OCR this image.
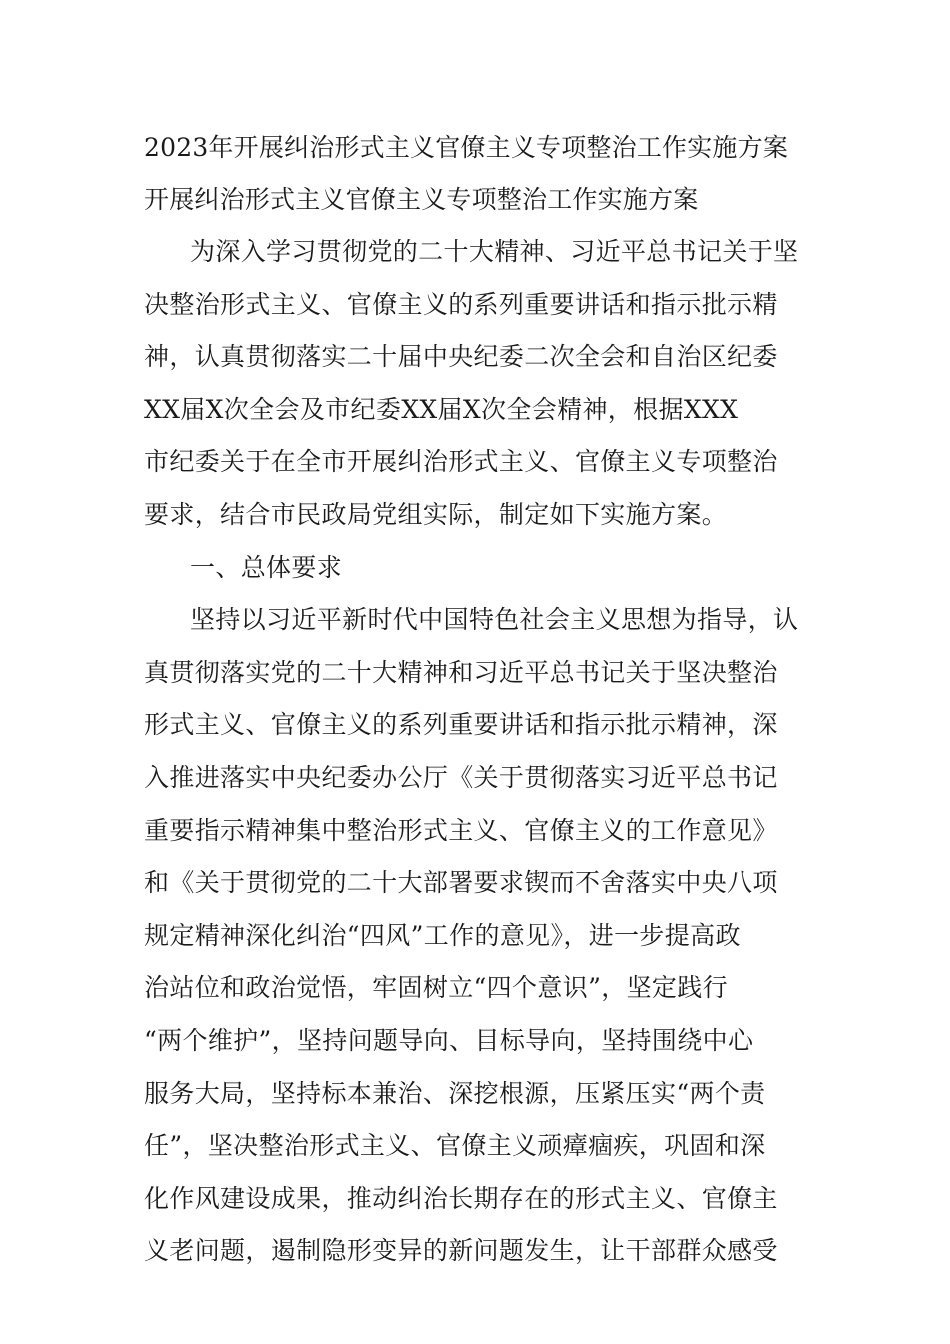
2023年开展纠治形式主义官僚主义专项整治工作实施方案
开展纠治形式主义官僚主义专项整治工作实施方案
为深入学习贯彻党的二十大精神、习近平总书记关于坚
决整治形式主义、官僚主义的系列重要讲话和指示批示精
神，认真贯彻落实二十届中央纪委二次全会和自治区纪委
XX届X次全会及市纪委XX届X次全会精神，根据XXX
市纪委关于在全市开展纠治形式主义、官僚主义专项整治
要求，结合市民政局党组实际，制定如下实施方案。
一、总体要求
坚持以习近平新时代中国特色社会主义思想为指导，认
真贯彻落实党的二十大精神和习近平总书记关于坚决整治
形式主义、官僚主义的系列重要讲话和指示批示精神，深
入推进落实中央纪委办公厅《关于贯彻落实习近平总书记
重要指示精神集中整治形式主义、官僚主义的工作意见》
和《关于贯彻党的二十大部署要求锲而不舍落实中央八项
规定精神深化纠治“四风”工作的意见》，进一步提高政
治站位和政治觉悟，牢固树立“四个意识”，坚定践行
“两个维护”，坚持问题导向、目标导向，坚持围绕中心
服务大局，坚持标本兼治、深挖根源，压紧压实“两个责
任”，坚决整治形式主义、官僚主义顽瘴痼疾，巩固和深
化作风建设成果，推动纠治长期存在的形式主义、官僚主
义老问题，遏制隐形变异的新问题发生，让干部群众感受
